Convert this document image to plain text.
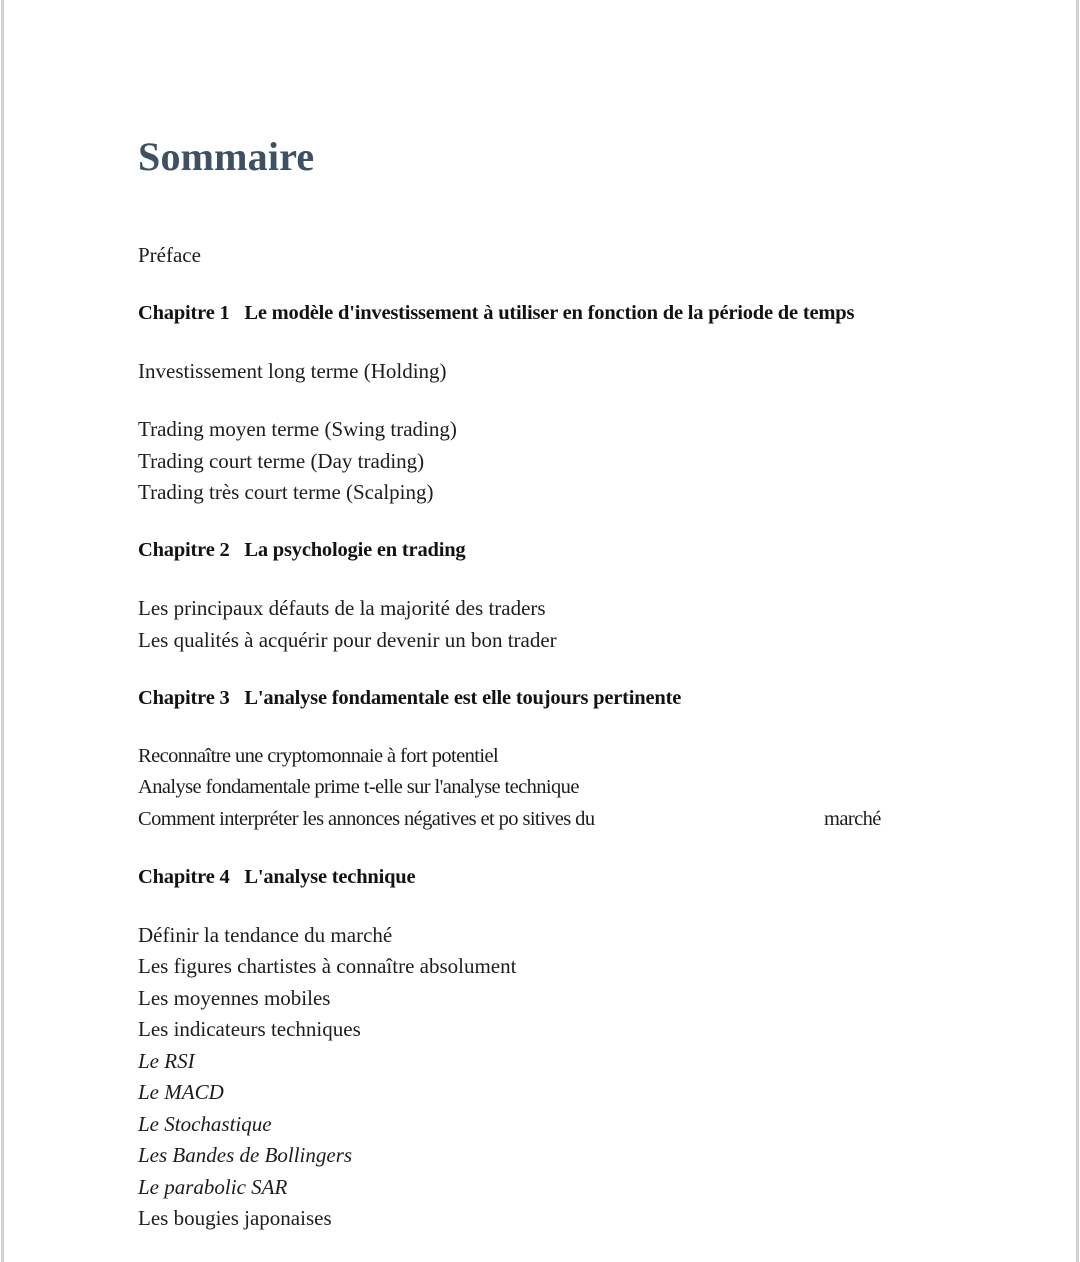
Sommaire
Préface
Chapitre 1   Le modèle d'investissement à utiliser en fonction de la période de temps
Investissement long terme (Holding)
Trading moyen terme (Swing trading)
Trading court terme (Day trading)
Trading très court terme (Scalping)
Chapitre 2   La psychologie en trading
Les principaux défauts de la majorité des traders
Les qualités à acquérir pour devenir un bon trader
Chapitre 3   L'analyse fondamentale est elle toujours pertinente
Reconnaître une cryptomonnaie à fort potentiel
Analyse fondamentale prime t-elle sur l'analyse technique
Comment interpréter les annonces négatives et po sitives du	marché
Chapitre 4   L'analyse technique
Définir la tendance du marché
Les figures chartistes à connaître absolument
Les moyennes mobiles
Les indicateurs techniques
Le RSI
Le MACD
Le Stochastique
Les Bandes de Bollingers
Le parabolic SAR
Les bougies japonaises
